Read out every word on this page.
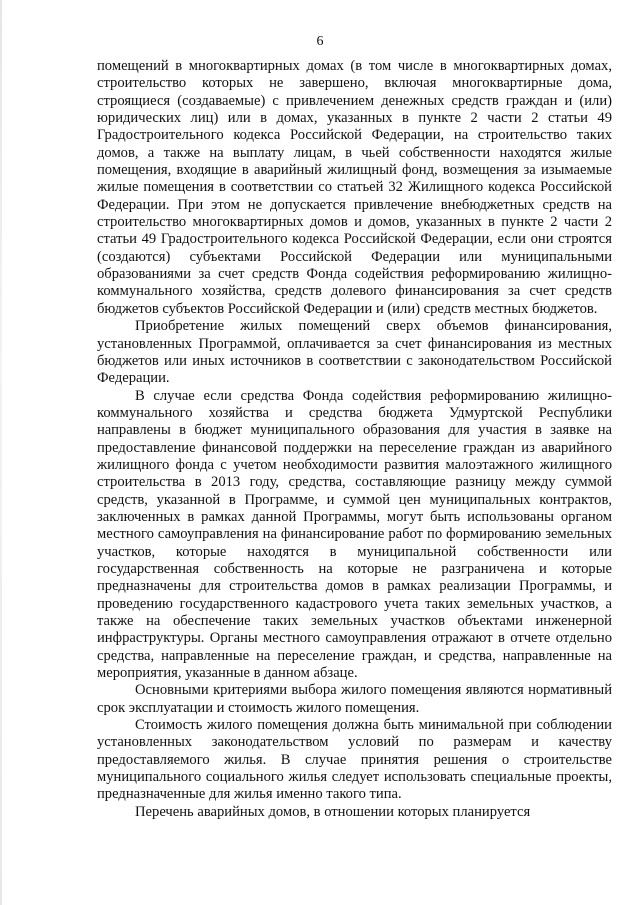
6

помещений в многоквартирных домах (в том числе в многоквартирных домах, строительство которых не завершено, включая многоквартирные дома, строящиеся (создаваемые) с привлечением денежных средств граждан и (или) юридических лиц) или в домах, указанных в пункте 2 части 2 статьи 49 Градостроительного кодекса Российской Федерации, на строительство таких домов, а также на выплату лицам, в чьей собственности находятся жилые помещения, входящие в аварийный жилищный фонд, возмещения за изымаемые жилые помещения в соответствии со статьей 32 Жилищного кодекса Российской Федерации. При этом не допускается привлечение внебюджетных средств на строительство многоквартирных домов и домов, указанных в пункте 2 части 2 статьи 49 Градостроительного кодекса Российской Федерации, если они строятся (создаются) субъектами Российской Федерации или муниципальными образованиями за счет средств Фонда содействия реформированию жилищно-коммунального хозяйства, средств долевого финансирования за счет средств бюджетов субъектов Российской Федерации и (или) средств местных бюджетов.

Приобретение жилых помещений сверх объемов финансирования, установленных Программой, оплачивается за счет финансирования из местных бюджетов или иных источников в соответствии с законодательством Российской Федерации.

В случае если средства Фонда содействия реформированию жилищно-коммунального хозяйства и средства бюджета Удмуртской Республики направлены в бюджет муниципального образования для участия в заявке на предоставление финансовой поддержки на переселение граждан из аварийного жилищного фонда с учетом необходимости развития малоэтажного жилищного строительства в 2013 году, средства, составляющие разницу между суммой средств, указанной в Программе, и суммой цен муниципальных контрактов, заключенных в рамках данной Программы, могут быть использованы органом местного самоуправления на финансирование работ по формированию земельных участков, которые находятся в муниципальной собственности или государственная собственность на которые не разграничена и которые предназначены для строительства домов в рамках реализации Программы, и проведению государственного кадастрового учета таких земельных участков, а также на обеспечение таких земельных участков объектами инженерной инфраструктуры. Органы местного самоуправления отражают в отчете отдельно средства, направленные на переселение граждан, и средства, направленные на мероприятия, указанные в данном абзаце.

Основными критериями выбора жилого помещения являются нормативный срок эксплуатации и стоимость жилого помещения.

Стоимость жилого помещения должна быть минимальной при соблюдении установленных законодательством условий по размерам и качеству предоставляемого жилья. В случае принятия решения о строительстве муниципального социального жилья следует использовать специальные проекты, предназначенные для жилья именно такого типа.

Перечень аварийных домов, в отношении которых планируется
